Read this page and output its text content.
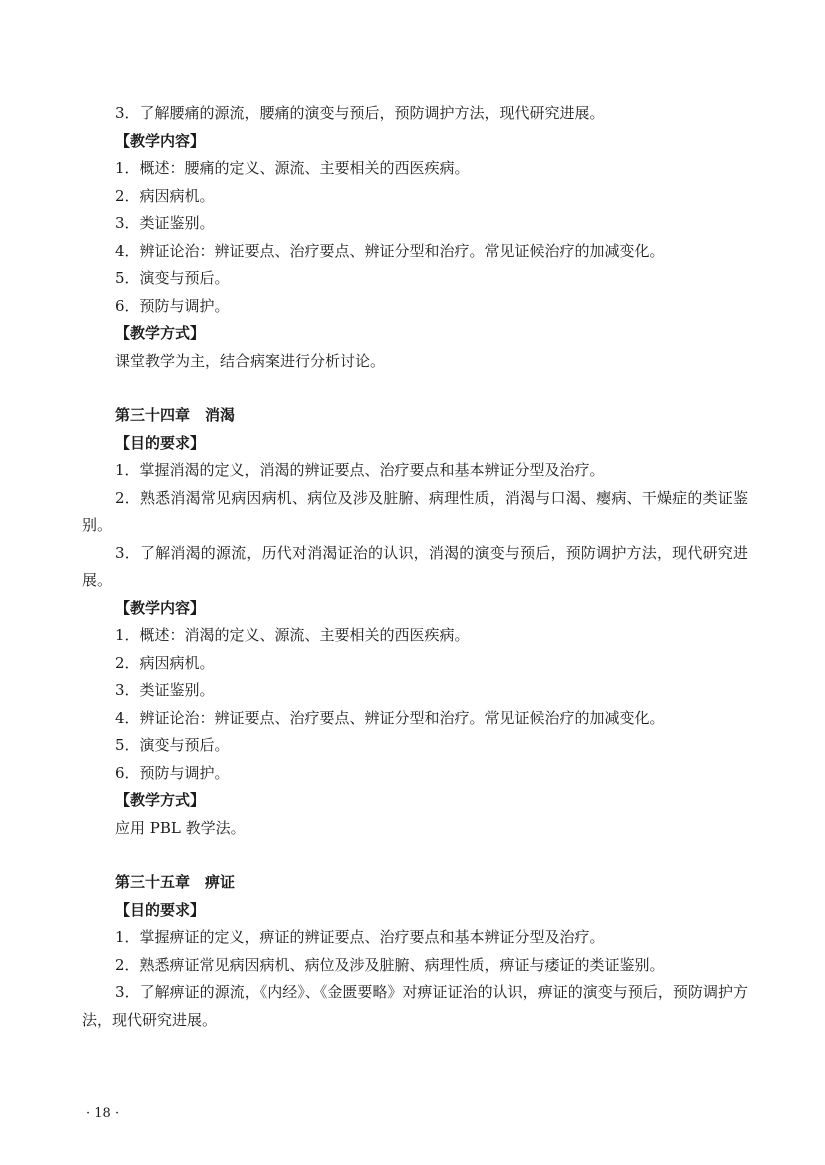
3．了解腰痛的源流，腰痛的演变与预后，预防调护方法，现代研究进展。

【教学内容】

1．概述：腰痛的定义、源流、主要相关的西医疾病。

2．病因病机。

3．类证鉴别。

4．辨证论治：辨证要点、治疗要点、辨证分型和治疗。常见证候治疗的加减变化。

5．演变与预后。

6．预防与调护。

【教学方式】

课堂教学为主，结合病案进行分析讨论。

第三十四章　消渴

【目的要求】

1．掌握消渴的定义，消渴的辨证要点、治疗要点和基本辨证分型及治疗。

2．熟悉消渴常见病因病机、病位及涉及脏腑、病理性质，消渴与口渴、瘿病、干燥症的类证鉴别。

3．了解消渴的源流，历代对消渴证治的认识，消渴的演变与预后，预防调护方法，现代研究进展。

【教学内容】

1．概述：消渴的定义、源流、主要相关的西医疾病。

2．病因病机。

3．类证鉴别。

4．辨证论治：辨证要点、治疗要点、辨证分型和治疗。常见证候治疗的加减变化。

5．演变与预后。

6．预防与调护。

【教学方式】

应用 PBL 教学法。

第三十五章　痹证

【目的要求】

1．掌握痹证的定义，痹证的辨证要点、治疗要点和基本辨证分型及治疗。

2．熟悉痹证常见病因病机、病位及涉及脏腑、病理性质，痹证与痿证的类证鉴别。

3．了解痹证的源流，《内经》、《金匮要略》对痹证证治的认识，痹证的演变与预后，预防调护方法，现代研究进展。

· 18 ·
